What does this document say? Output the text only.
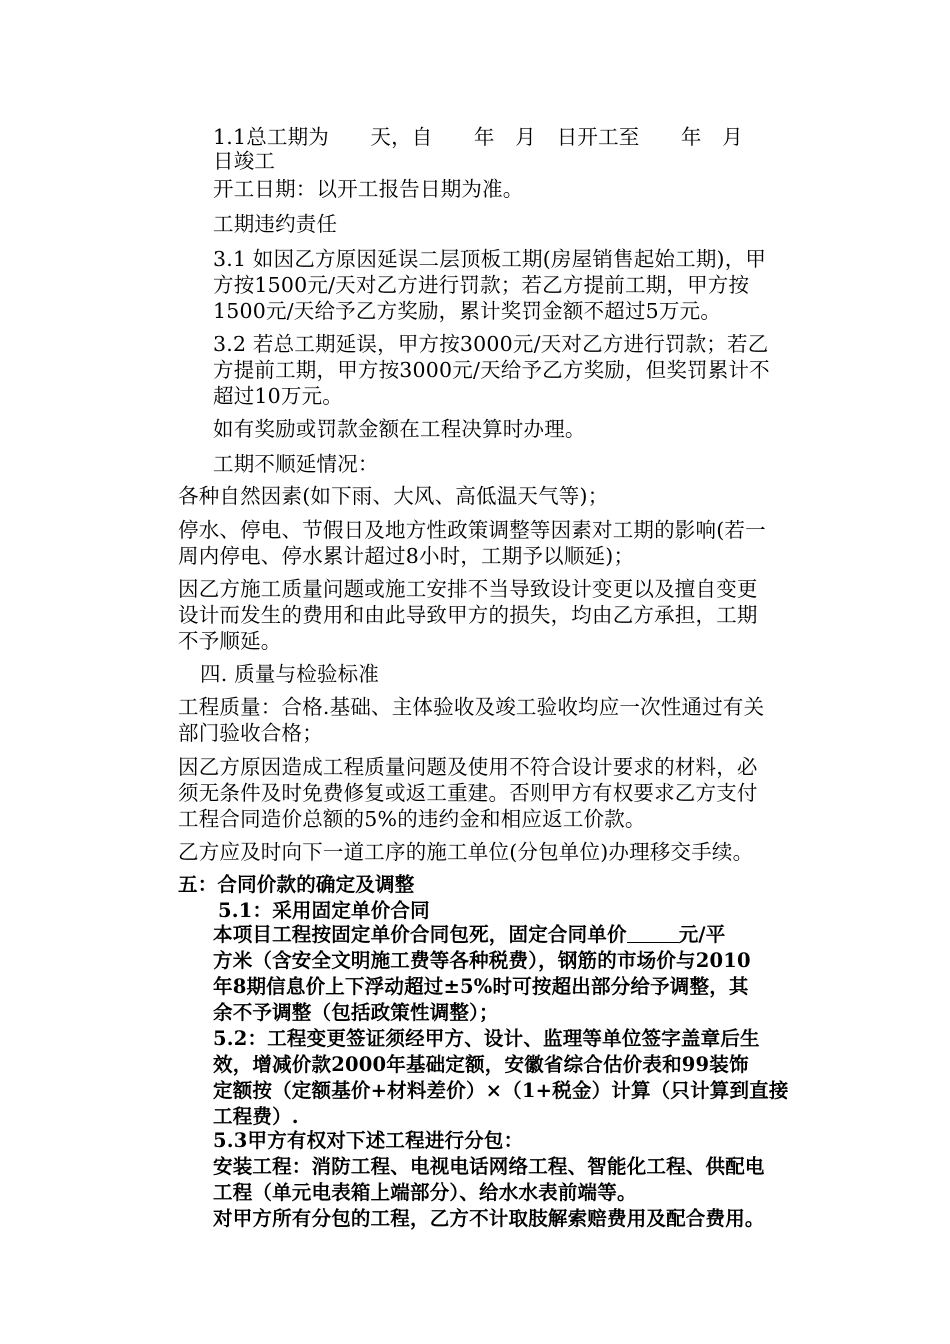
1.1总工期为　　天，自　　年　月　日开工至　　年　月
日竣工
开工日期：以开工报告日期为准。
工期违约责任
3.1 如因乙方原因延误二层顶板工期(房屋销售起始工期)，甲
方按1500元/天对乙方进行罚款；若乙方提前工期，甲方按
1500元/天给予乙方奖励，累计奖罚金额不超过5万元。
3.2 若总工期延误，甲方按3000元/天对乙方进行罚款；若乙
方提前工期，甲方按3000元/天给予乙方奖励，但奖罚累计不
超过10万元。
如有奖励或罚款金额在工程决算时办理。
工期不顺延情况：
各种自然因素(如下雨、大风、高低温天气等)；
停水、停电、节假日及地方性政策调整等因素对工期的影响(若一
周内停电、停水累计超过8小时，工期予以顺延)；
因乙方施工质量问题或施工安排不当导致设计变更以及擅自变更
设计而发生的费用和由此导致甲方的损失，均由乙方承担，工期
不予顺延。
四. 质量与检验标准
工程质量：合格.基础、主体验收及竣工验收均应一次性通过有关
部门验收合格；
因乙方原因造成工程质量问题及使用不符合设计要求的材料，必
须无条件及时免费修复或返工重建。否则甲方有权要求乙方支付
工程合同造价总额的5%的违约金和相应返工价款。
乙方应及时向下一道工序的施工单位(分包单位)办理移交手续。
五：合同价款的确定及调整
5.1：采用固定单价合同
本项目工程按固定单价合同包死，固定合同单价	元/平
方米（含安全文明施工费等各种税费），钢筋的市场价与2010
年8期信息价上下浮动超过±5%时可按超出部分给予调整，其
余不予调整（包括政策性调整）；
5.2：工程变更签证须经甲方、设计、监理等单位签字盖章后生
效，增减价款2000年基础定额，安徽省综合估价表和99装饰
定额按（定额基价+材料差价）×（1+税金）计算（只计算到直接
工程费）.
5.3甲方有权对下述工程进行分包：
安装工程：消防工程、电视电话网络工程、智能化工程、供配电
工程（单元电表箱上端部分）、给水水表前端等。
对甲方所有分包的工程，乙方不计取肢解索赔费用及配合费用。
